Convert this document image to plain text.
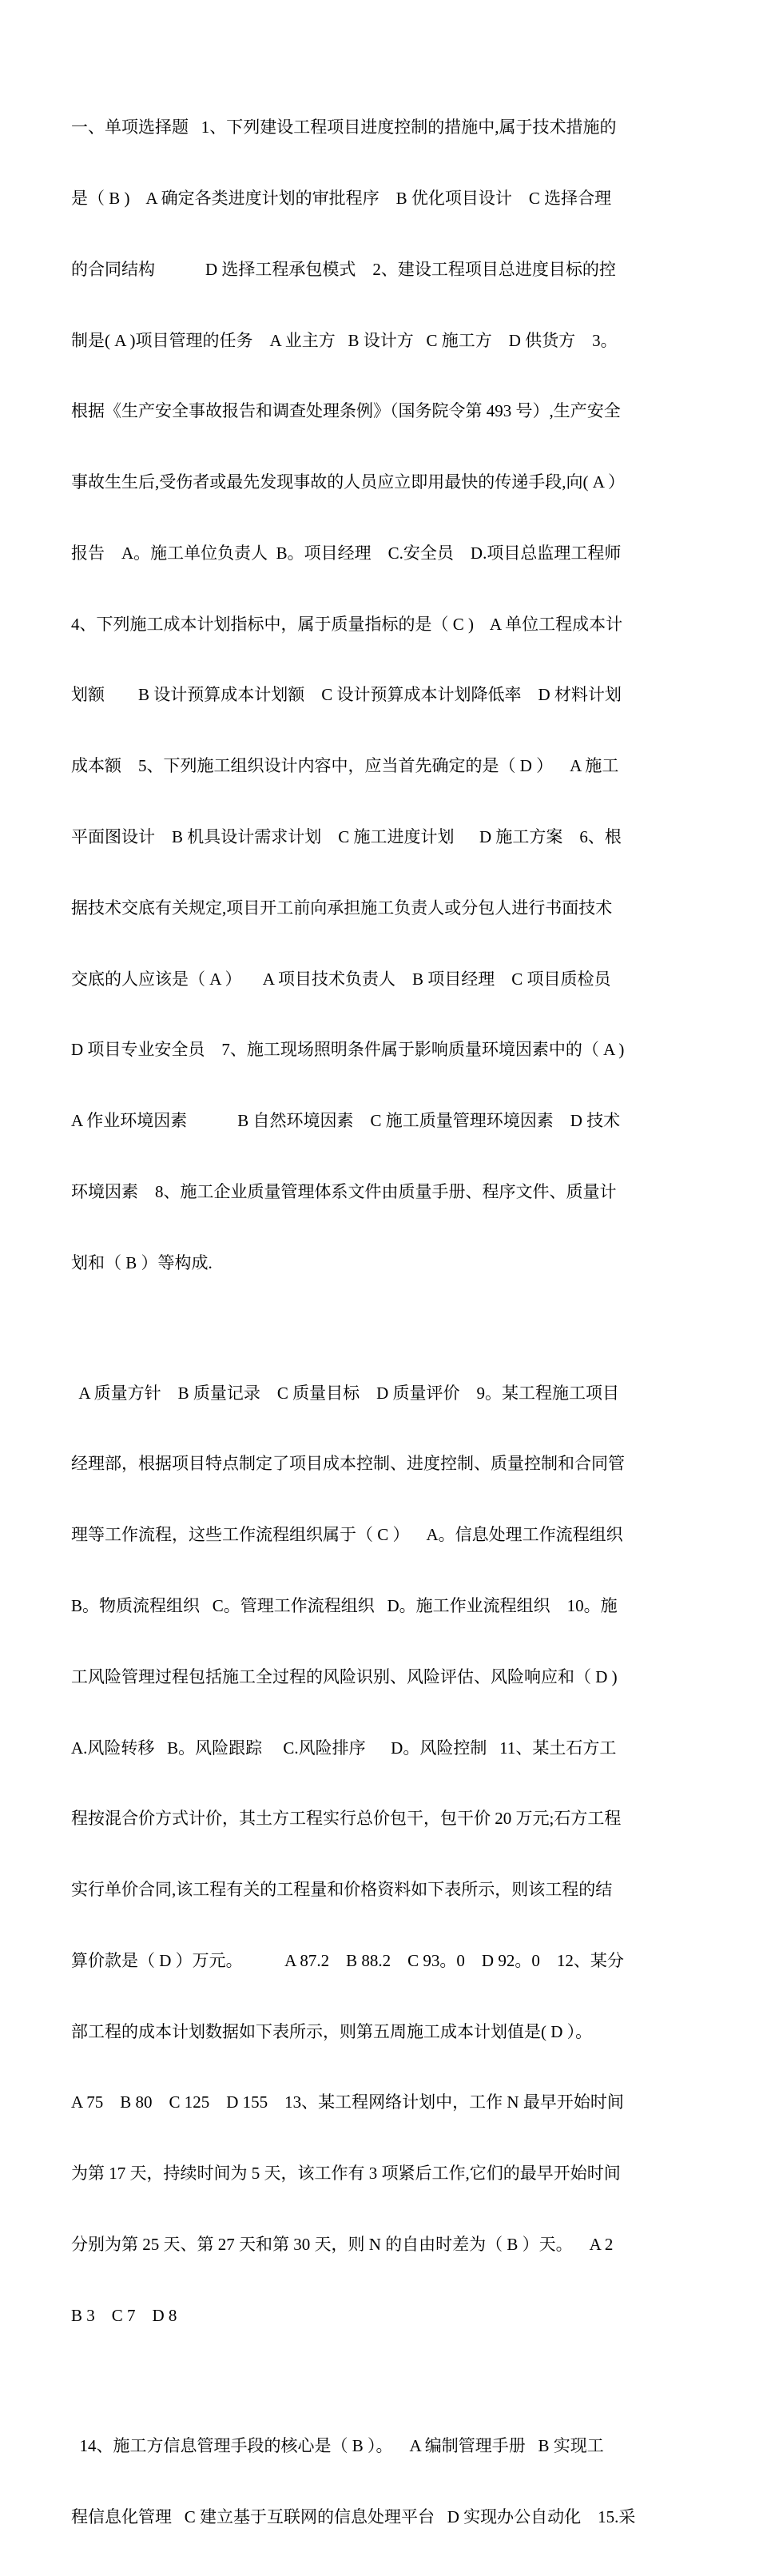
一、单项选择题   1、下列建设工程项目进度控制的措施中,属于技术措施的

是（ B )    A 确定各类进度计划的审批程序    B 优化项目设计    C 选择合理

的合同结构            D 选择工程承包模式    2、建设工程项目总进度目标的控

制是( A )项目管理的任务    A 业主方   B 设计方   C 施工方    D 供货方    3。

根据《生产安全事故报告和调查处理条例》（国务院令第 493 号）,生产安全

事故生生后,受伤者或最先发现事故的人员应立即用最快的传递手段,向( A ）

报告    A。施工单位负责人  B。项目经理    C.安全员    D.项目总监理工程师

4、下列施工成本计划指标中，属于质量指标的是（ C )    A 单位工程成本计

划额        B 设计预算成本计划额    C 设计预算成本计划降低率    D 材料计划

成本额    5、下列施工组织设计内容中，应当首先确定的是（ D ）    A 施工

平面图设计    B 机具设计需求计划    C 施工进度计划      D 施工方案    6、根

据技术交底有关规定,项目开工前向承担施工负责人或分包人进行书面技术

交底的人应该是（ A ）     A 项目技术负责人    B 项目经理    C 项目质检员

D 项目专业安全员    7、施工现场照明条件属于影响质量环境因素中的（ A )

A 作业环境因素            B 自然环境因素    C 施工质量管理环境因素    D 技术

环境因素    8、施工企业质量管理体系文件由质量手册、程序文件、质量计

划和（ B ）等构成.

A 质量方针    B 质量记录    C 质量目标    D 质量评价    9。某工程施工项目

经理部，根据项目特点制定了项目成本控制、进度控制、质量控制和合同管

理等工作流程，这些工作流程组织属于（ C ）    A。信息处理工作流程组织

B。物质流程组织   C。管理工作流程组织   D。施工作业流程组织    10。施

工风险管理过程包括施工全过程的风险识别、风险评估、风险响应和（ D )

A.风险转移   B。风险跟踪     C.风险排序      D。风险控制   11、某土石方工

程按混合价方式计价，其土方工程实行总价包干，包干价 20 万元;石方工程

实行单价合同,该工程有关的工程量和价格资料如下表所示，则该工程的结

算价款是（ D ）万元。          A 87.2    B 88.2    C 93。0    D 92。0    12、某分

部工程的成本计划数据如下表所示，则第五周施工成本计划值是( D ）。

A 75    B 80    C 125    D 155    13、某工程网络计划中，工作 N 最早开始时间

为第 17 天，持续时间为 5 天，该工作有 3 项紧后工作,它们的最早开始时间

分别为第 25 天、第 27 天和第 30 天，则 N 的自由时差为（ B ）天。    A 2

B 3    C 7    D 8

14、施工方信息管理手段的核心是（ B ）。    A 编制管理手册   B 实现工

程信息化管理   C 建立基于互联网的信息处理平台   D 实现办公自动化    15.采
